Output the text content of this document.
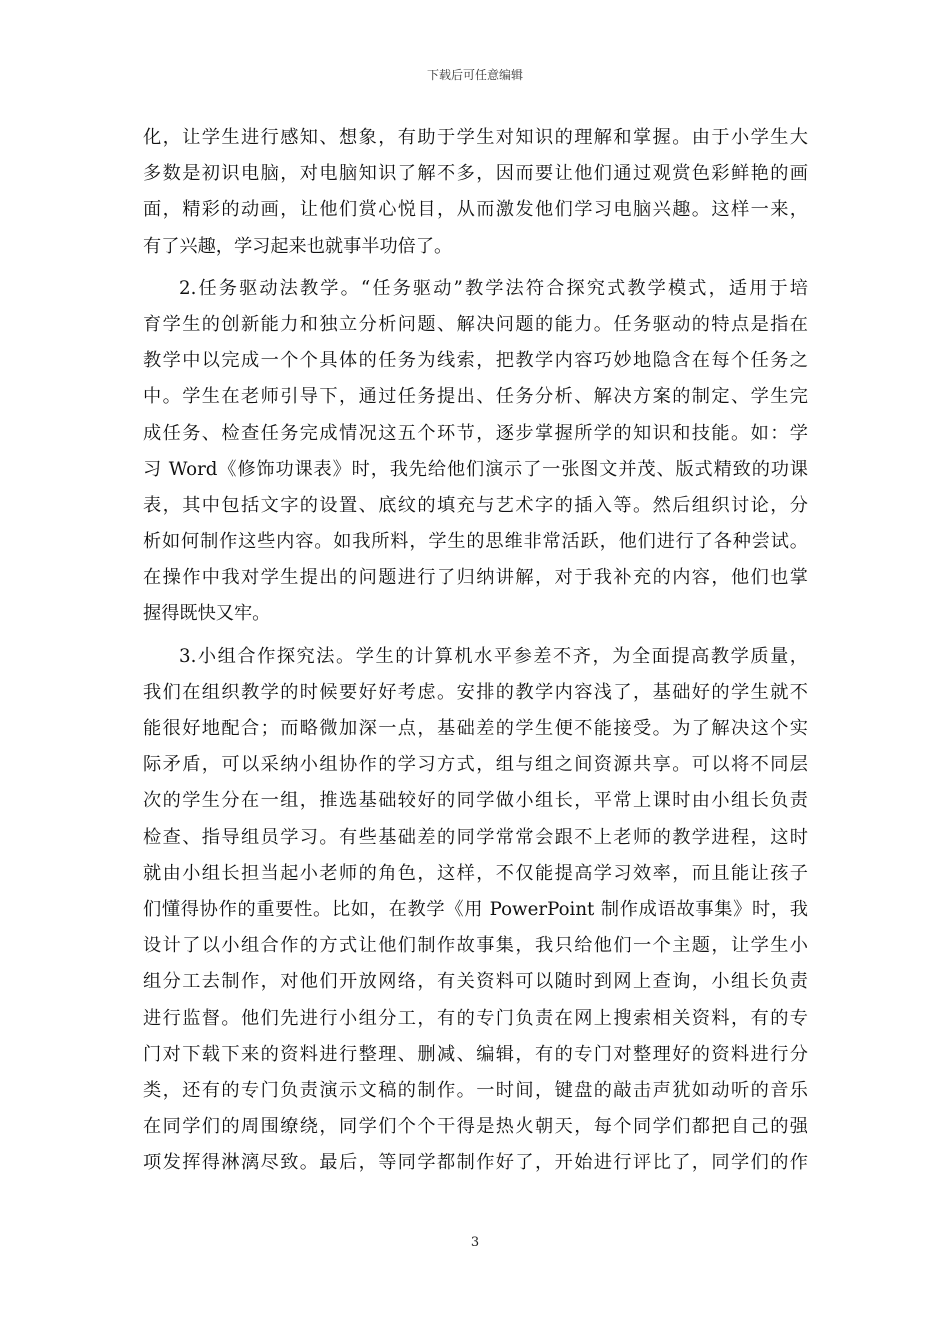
下载后可任意编辑
化，让学生进行感知、想象，有助于学生对知识的理解和掌握。由于小学生大
多数是初识电脑，对电脑知识了解不多，因而要让他们通过观赏色彩鲜艳的画
面，精彩的动画，让他们赏心悦目，从而激发他们学习电脑兴趣。这样一来，
有了兴趣，学习起来也就事半功倍了。
2.任务驱动法教学。“任务驱动”教学法符合探究式教学模式，适用于培
育学生的创新能力和独立分析问题、解决问题的能力。任务驱动的特点是指在
教学中以完成一个个具体的任务为线索，把教学内容巧妙地隐含在每个任务之
中。学生在老师引导下，通过任务提出、任务分析、解决方案的制定、学生完
成任务、检查任务完成情况这五个环节，逐步掌握所学的知识和技能。如：学
习 Word《修饰功课表》时，我先给他们演示了一张图文并茂、版式精致的功课
表，其中包括文字的设置、底纹的填充与艺术字的插入等。然后组织讨论，分
析如何制作这些内容。如我所料，学生的思维非常活跃，他们进行了各种尝试。
在操作中我对学生提出的问题进行了归纳讲解，对于我补充的内容，他们也掌
握得既快又牢。
3.小组合作探究法。学生的计算机水平参差不齐，为全面提高教学质量，
我们在组织教学的时候要好好考虑。安排的教学内容浅了，基础好的学生就不
能很好地配合；而略微加深一点，基础差的学生便不能接受。为了解决这个实
际矛盾，可以采纳小组协作的学习方式，组与组之间资源共享。可以将不同层
次的学生分在一组，推选基础较好的同学做小组长，平常上课时由小组长负责
检查、指导组员学习。有些基础差的同学常常会跟不上老师的教学进程，这时
就由小组长担当起小老师的角色，这样，不仅能提高学习效率，而且能让孩子
们懂得协作的重要性。比如，在教学《用 PowerPoint 制作成语故事集》时，我
设计了以小组合作的方式让他们制作故事集，我只给他们一个主题，让学生小
组分工去制作，对他们开放网络，有关资料可以随时到网上查询，小组长负责
进行监督。他们先进行小组分工，有的专门负责在网上搜索相关资料，有的专
门对下载下来的资料进行整理、删减、编辑，有的专门对整理好的资料进行分
类，还有的专门负责演示文稿的制作。一时间，键盘的敲击声犹如动听的音乐
在同学们的周围缭绕，同学们个个干得是热火朝天，每个同学们都把自己的强
项发挥得淋漓尽致。最后，等同学都制作好了，开始进行评比了，同学们的作
3
